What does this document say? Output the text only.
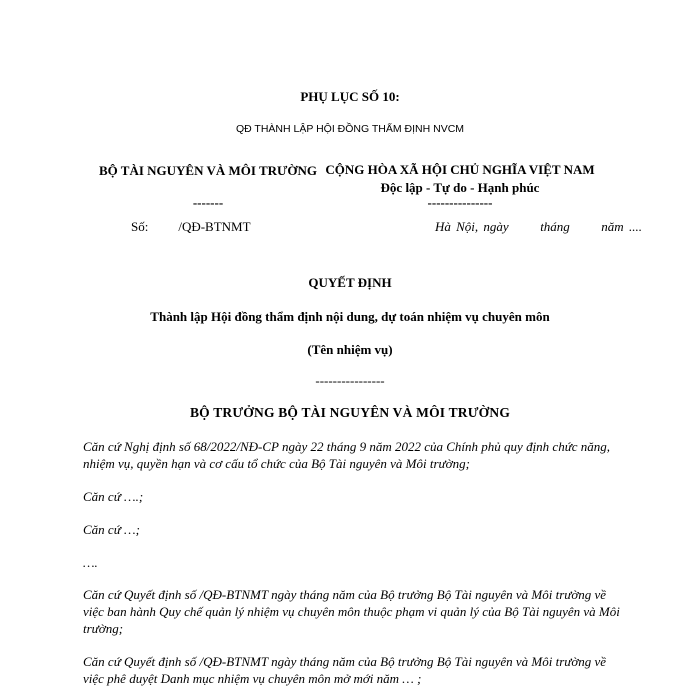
PHỤ LỤC SỐ 10:
QĐ THÀNH LẬP HỘI ĐỒNG THẨM ĐỊNH NVCM
BỘ TÀI NGUYÊN VÀ MÔI TRƯỜNG
-------
CỘNG HÒA XÃ HỘI CHỦ NGHĨA VIỆT NAM
Độc lập - Tự do - Hạnh phúc
---------------
Số: /QĐ-BTNMT	Hà Nội, ngày      tháng      năm ....
QUYẾT ĐỊNH
Thành lập Hội đồng thẩm định nội dung, dự toán nhiệm vụ chuyên môn
(Tên nhiệm vụ)
----------------
BỘ TRƯỞNG BỘ TÀI NGUYÊN VÀ MÔI TRƯỜNG
Căn cứ Nghị định số 68/2022/NĐ-CP ngày 22 tháng 9 năm 2022 của Chính phủ quy định chức năng, nhiệm vụ, quyền hạn và cơ cấu tổ chức của Bộ Tài nguyên và Môi trường;
Căn cứ ….;
Căn cứ …;
….
Căn cứ Quyết định số /QĐ-BTNMT ngày tháng năm của Bộ trưởng Bộ Tài nguyên và Môi trường về việc ban hành Quy chế quản lý nhiệm vụ chuyên môn thuộc phạm vi quản lý của Bộ Tài nguyên và Môi trường;
Căn cứ Quyết định số /QĐ-BTNMT ngày tháng năm của Bộ trưởng Bộ Tài nguyên và Môi trường về việc phê duyệt Danh mục nhiệm vụ chuyên môn mở mới năm … ;
